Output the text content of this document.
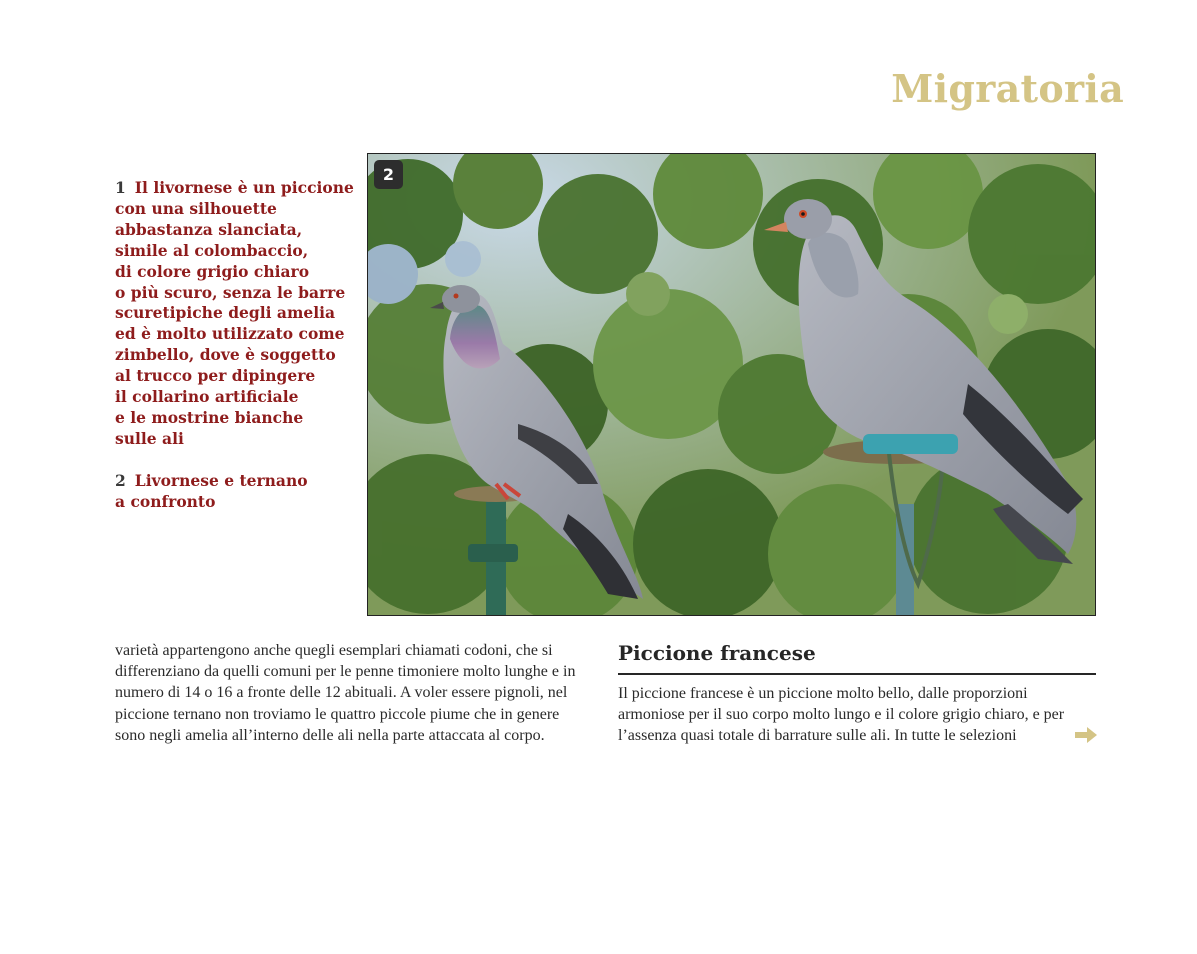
Migratoria
1 Il livornese è un piccione
con una silhouette
abbastanza slanciata,
simile al colombaccio,
di colore grigio chiaro
o più scuro, senza le barre
scuretipiche degli amelia
ed è molto utilizzato come
zimbello, dove è soggetto
al trucco per dipingere
il collarino artificiale
e le mostrine bianche
sulle ali
2 Livornese e ternano
a confronto
2
varietà appartengono anche quegli esemplari chiamati codoni, che si
differenziano da quelli comuni per le penne timoniere molto lunghe e in
numero di 14 o 16 a fronte delle 12 abituali. A voler essere pignoli, nel
piccione ternano non troviamo le quattro piccole piume che in genere
sono negli amelia all’interno delle ali nella parte attaccata al corpo.
Piccione francese
Il piccione francese è un piccione molto bello, dalle proporzioni
armoniose per il suo corpo molto lungo e il colore grigio chiaro, e per
l’assenza quasi totale di barrature sulle ali. In tutte le selezioni
